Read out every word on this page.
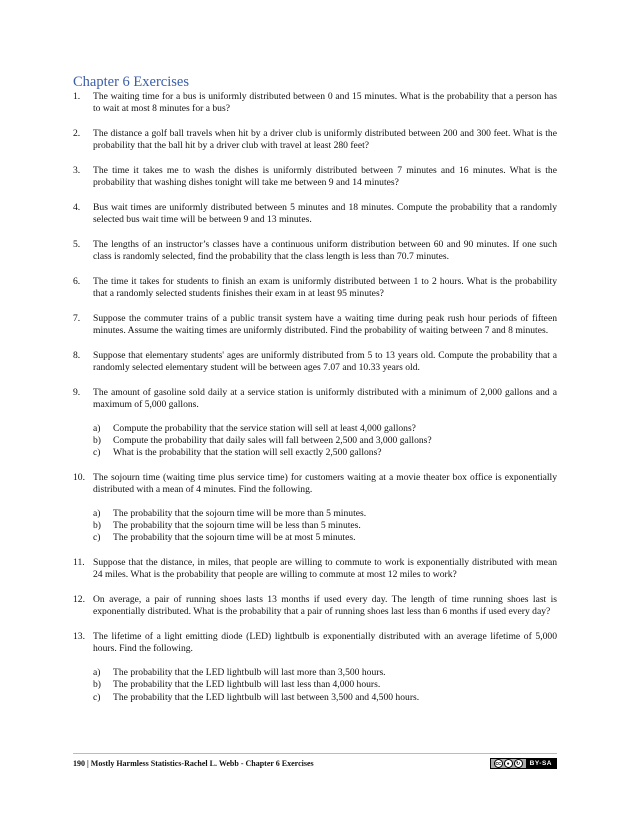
Chapter 6 Exercises
1.	The waiting time for a bus is uniformly distributed between 0 and 15 minutes. What is the probability that a person has to wait at most 8 minutes for a bus?
2.	The distance a golf ball travels when hit by a driver club is uniformly distributed between 200 and 300 feet. What is the probability that the ball hit by a driver club with travel at least 280 feet?
3.	The time it takes me to wash the dishes is uniformly distributed between 7 minutes and 16 minutes. What is the probability that washing dishes tonight will take me between 9 and 14 minutes?
4.	Bus wait times are uniformly distributed between 5 minutes and 18 minutes. Compute the probability that a randomly selected bus wait time will be between 9 and 13 minutes.
5.	The lengths of an instructor’s classes have a continuous uniform distribution between 60 and 90 minutes. If one such class is randomly selected, find the probability that the class length is less than 70.7 minutes.
6.	The time it takes for students to finish an exam is uniformly distributed between 1 to 2 hours. What is the probability that a randomly selected students finishes their exam in at least 95 minutes?
7.	Suppose the commuter trains of a public transit system have a waiting time during peak rush hour periods of fifteen minutes. Assume the waiting times are uniformly distributed. Find the probability of waiting between 7 and 8 minutes.
8.	Suppose that elementary students' ages are uniformly distributed from 5 to 13 years old. Compute the probability that a randomly selected elementary student will be between ages 7.07 and 10.33 years old.
9.	The amount of gasoline sold daily at a service station is uniformly distributed with a minimum of 2,000 gallons and a maximum of 5,000 gallons.
a)	Compute the probability that the service station will sell at least 4,000 gallons?
b)	Compute the probability that daily sales will fall between 2,500 and 3,000 gallons?
c)	What is the probability that the station will sell exactly 2,500 gallons?
10. The sojourn time (waiting time plus service time) for customers waiting at a movie theater box office is exponentially distributed with a mean of 4 minutes. Find the following.
a)	The probability that the sojourn time will be more than 5 minutes.
b)	The probability that the sojourn time will be less than 5 minutes.
c)	The probability that the sojourn time will be at most 5 minutes.
11. Suppose that the distance, in miles, that people are willing to commute to work is exponentially distributed with mean 24 miles. What is the probability that people are willing to commute at most 12 miles to work?
12. On average, a pair of running shoes lasts 13 months if used every day. The length of time running shoes last is exponentially distributed. What is the probability that a pair of running shoes last less than 6 months if used every day?
13. The lifetime of a light emitting diode (LED) lightbulb is exponentially distributed with an average lifetime of 5,000 hours. Find the following.
a)	The probability that the LED lightbulb will last more than 3,500 hours.
b)	The probability that the LED lightbulb will last less than 4,000 hours.
c)	The probability that the LED lightbulb will last between 3,500 and 4,500 hours.
190 | Mostly Harmless Statistics-Rachel L. Webb - Chapter 6 Exercises	cc	●	↻	BY-SA
